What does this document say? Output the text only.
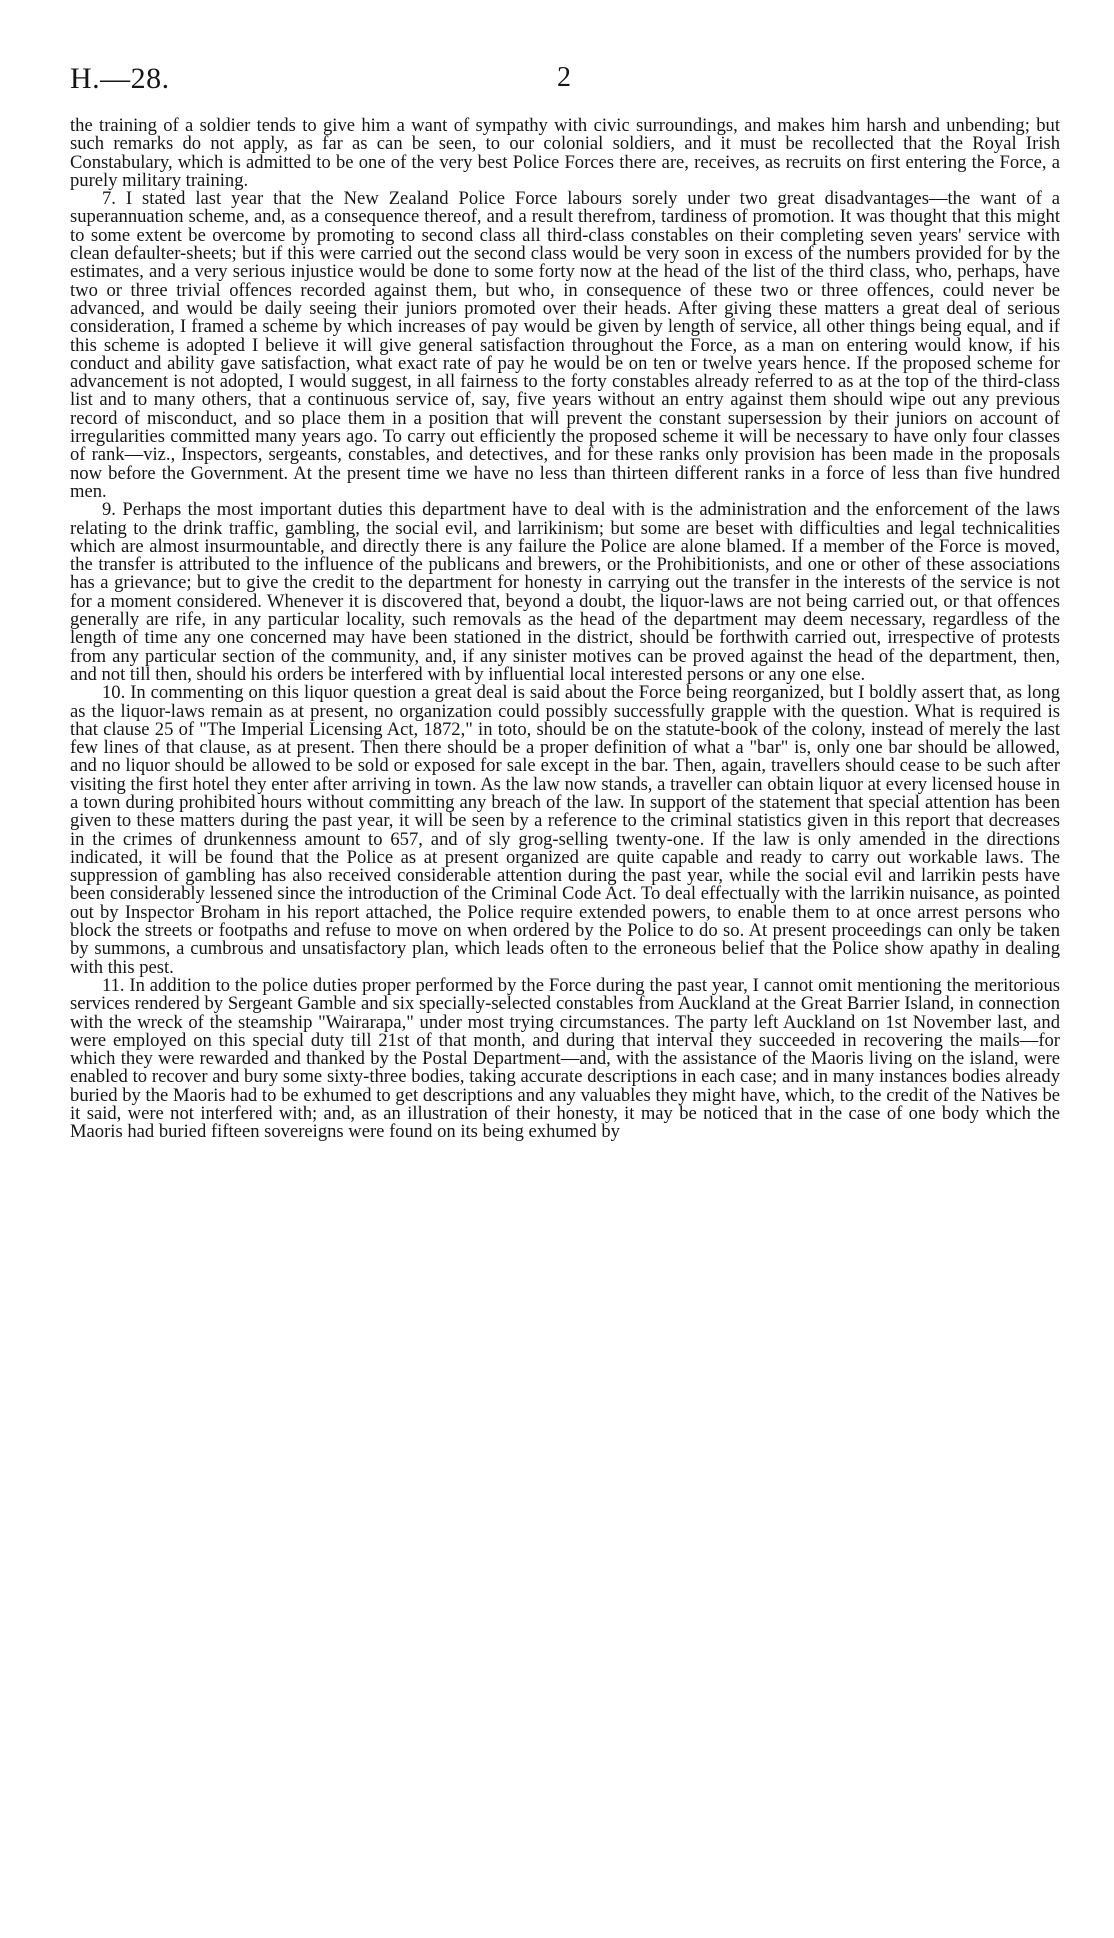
H.—28.	2

the training of a soldier tends to give him a want of sympathy with civic surroundings, and makes him harsh and unbending; but such remarks do not apply, as far as can be seen, to our colonial soldiers, and it must be recollected that the Royal Irish Constabulary, which is admitted to be one of the very best Police Forces there are, receives, as recruits on first entering the Force, a purely military training.

7. I stated last year that the New Zealand Police Force labours sorely under two great disadvantages—the want of a superannuation scheme, and, as a consequence thereof, and a result therefrom, tardiness of promotion. It was thought that this might to some extent be overcome by promoting to second class all third-class constables on their completing seven years' service with clean defaulter-sheets; but if this were carried out the second class would be very soon in excess of the numbers provided for by the estimates, and a very serious injustice would be done to some forty now at the head of the list of the third class, who, perhaps, have two or three trivial offences recorded against them, but who, in consequence of these two or three offences, could never be advanced, and would be daily seeing their juniors promoted over their heads. After giving these matters a great deal of serious consideration, I framed a scheme by which increases of pay would be given by length of service, all other things being equal, and if this scheme is adopted I believe it will give general satisfaction throughout the Force, as a man on entering would know, if his conduct and ability gave satisfaction, what exact rate of pay he would be on ten or twelve years hence. If the proposed scheme for advancement is not adopted, I would suggest, in all fairness to the forty constables already referred to as at the top of the third-class list and to many others, that a continuous service of, say, five years without an entry against them should wipe out any previous record of misconduct, and so place them in a position that will prevent the constant supersession by their juniors on account of irregularities committed many years ago. To carry out efficiently the proposed scheme it will be necessary to have only four classes of rank—viz., Inspectors, sergeants, constables, and detectives, and for these ranks only provision has been made in the proposals now before the Government. At the present time we have no less than thirteen different ranks in a force of less than five hundred men.

9. Perhaps the most important duties this department have to deal with is the administration and the enforcement of the laws relating to the drink traffic, gambling, the social evil, and larrikinism; but some are beset with difficulties and legal technicalities which are almost insurmountable, and directly there is any failure the Police are alone blamed. If a member of the Force is moved, the transfer is attributed to the influence of the publicans and brewers, or the Prohibitionists, and one or other of these associations has a grievance; but to give the credit to the department for honesty in carrying out the transfer in the interests of the service is not for a moment considered. Whenever it is discovered that, beyond a doubt, the liquor-laws are not being carried out, or that offences generally are rife, in any particular locality, such removals as the head of the department may deem necessary, regardless of the length of time any one concerned may have been stationed in the district, should be forthwith carried out, irrespective of protests from any particular section of the community, and, if any sinister motives can be proved against the head of the department, then, and not till then, should his orders be interfered with by influential local interested persons or any one else.

10. In commenting on this liquor question a great deal is said about the Force being reorganized, but I boldly assert that, as long as the liquor-laws remain as at present, no organization could possibly successfully grapple with the question. What is required is that clause 25 of "The Imperial Licensing Act, 1872," in toto, should be on the statute-book of the colony, instead of merely the last few lines of that clause, as at present. Then there should be a proper definition of what a "bar" is, only one bar should be allowed, and no liquor should be allowed to be sold or exposed for sale except in the bar. Then, again, travellers should cease to be such after visiting the first hotel they enter after arriving in town. As the law now stands, a traveller can obtain liquor at every licensed house in a town during prohibited hours without committing any breach of the law. In support of the statement that special attention has been given to these matters during the past year, it will be seen by a reference to the criminal statistics given in this report that decreases in the crimes of drunkenness amount to 657, and of sly grog-selling twenty-one. If the law is only amended in the directions indicated, it will be found that the Police as at present organized are quite capable and ready to carry out workable laws. The suppression of gambling has also received considerable attention during the past year, while the social evil and larrikin pests have been considerably lessened since the introduction of the Criminal Code Act. To deal effectually with the larrikin nuisance, as pointed out by Inspector Broham in his report attached, the Police require extended powers, to enable them to at once arrest persons who block the streets or footpaths and refuse to move on when ordered by the Police to do so. At present proceedings can only be taken by summons, a cumbrous and unsatisfactory plan, which leads often to the erroneous belief that the Police show apathy in dealing with this pest.

11. In addition to the police duties proper performed by the Force during the past year, I cannot omit mentioning the meritorious services rendered by Sergeant Gamble and six specially-selected constables from Auckland at the Great Barrier Island, in connection with the wreck of the steamship "Wairarapa," under most trying circumstances. The party left Auckland on 1st November last, and were employed on this special duty till 21st of that month, and during that interval they succeeded in recovering the mails—for which they were rewarded and thanked by the Postal Department—and, with the assistance of the Maoris living on the island, were enabled to recover and bury some sixty-three bodies, taking accurate descriptions in each case; and in many instances bodies already buried by the Maoris had to be exhumed to get descriptions and any valuables they might have, which, to the credit of the Natives be it said, were not interfered with; and, as an illustration of their honesty, it may be noticed that in the case of one body which the Maoris had buried fifteen sovereigns were found on its being exhumed by
